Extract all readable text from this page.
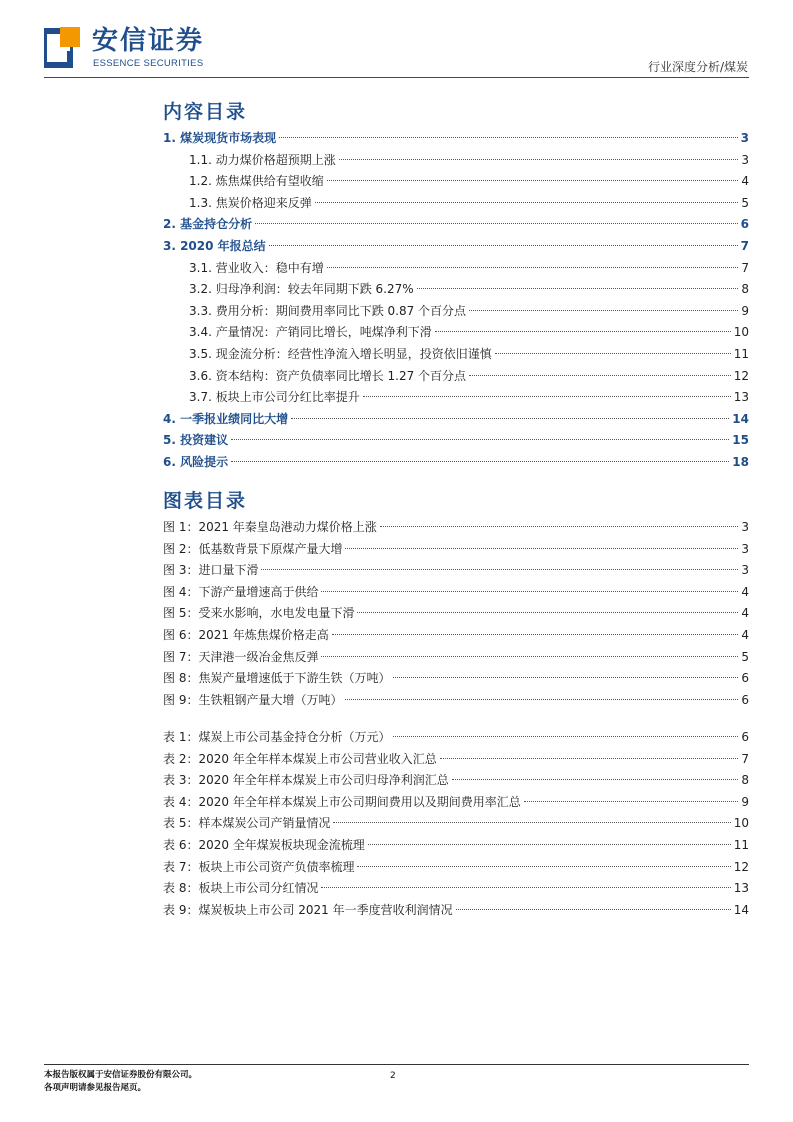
安信证券
ESSENCE SECURITIES	行业深度分析/煤炭
内容目录
1. 煤炭现货市场表现	3
1.1. 动力煤价格超预期上涨	3
1.2. 炼焦煤供给有望收缩	4
1.3. 焦炭价格迎来反弹	5
2. 基金持仓分析	6
3. 2020 年报总结	7
3.1. 营业收入：稳中有增	7
3.2. 归母净利润：较去年同期下跌 6.27%	8
3.3. 费用分析：期间费用率同比下跌 0.87 个百分点	9
3.4. 产量情况：产销同比增长，吨煤净利下滑	10
3.5. 现金流分析：经营性净流入增长明显，投资依旧谨慎	11
3.6. 资本结构：资产负债率同比增长 1.27 个百分点	12
3.7. 板块上市公司分红比率提升	13
4. 一季报业绩同比大增	14
5. 投资建议	15
6. 风险提示	18
图表目录
图 1：2021 年秦皇岛港动力煤价格上涨	3
图 2：低基数背景下原煤产量大增	3
图 3：进口量下滑	3
图 4：下游产量增速高于供给	4
图 5：受来水影响，水电发电量下滑	4
图 6：2021 年炼焦煤价格走高	4
图 7：天津港一级冶金焦反弹	5
图 8：焦炭产量增速低于下游生铁（万吨）	6
图 9：生铁粗钢产量大增（万吨）	6
表 1：煤炭上市公司基金持仓分析（万元）	6
表 2：2020 年全年样本煤炭上市公司营业收入汇总	7
表 3：2020 年全年样本煤炭上市公司归母净利润汇总	8
表 4：2020 年全年样本煤炭上市公司期间费用以及期间费用率汇总	9
表 5：样本煤炭公司产销量情况	10
表 6：2020 全年煤炭板块现金流梳理	11
表 7：板块上市公司资产负债率梳理	12
表 8：板块上市公司分红情况	13
表 9：煤炭板块上市公司 2021 年一季度营收利润情况	14
本报告版权属于安信证券股份有限公司。
各项声明请参见报告尾页。
2
